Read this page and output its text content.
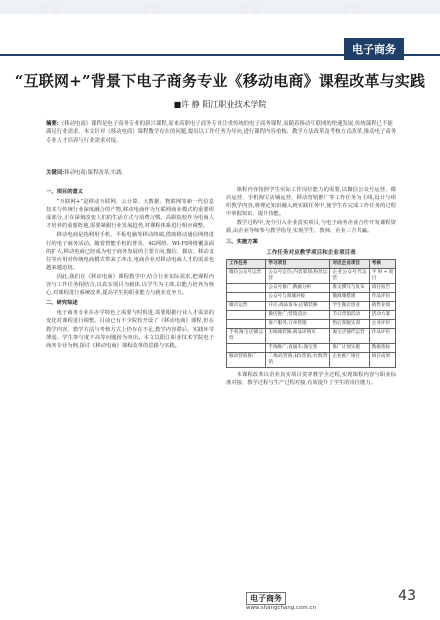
试读	试读	试读	试读
电子商务
“互联网+”背景下电子商务专业《移动电商》课程改革与实践
■许 静 阳江职业技术学院
摘要:《移动电商》课程是电子商务专业的新兴课程,原来高职电子商务专业注重传统的电子商务课程,而随着移动互联网的快速发展,传统课程已不能满足行业需求。本文针对《移动电商》课程教学存在的问题,提出以工作任务为导向,进行课程内容重构、教学方法改革及考核方式改革,推动电子商务专业人才培养与行业需求对接。
关键词:移动电商;课程改革;实践
一、项目的意义
“互联网+”是移动互联网、云计算、大数据、物联网等新一代信息技术与传统行业深度融合的产物,移动电商作为互联网商业模式的重要组成部分,正在深刻改变人们的生活方式与消费习惯。高职院校作为电商人才培养的重要阵地,需要紧跟行业发展趋势,对课程体系进行相应调整。
移动电商是指利用手机、平板电脑等移动终端,借助移动通信网络进行的电子商务活动。随着智能手机的普及、4G网络、WI-FI网络覆盖面的扩大,移动电商已经成为电子商务发展的主要方向,微信、微店、移动支付等应用对传统电商模式带来了冲击,电商企业对移动电商人才的需求也越来越迫切。
因此,我们在《移动电商》课程教学中,结合行业实际需求,把课程内容与工作任务相结合,以真实项目为载体,以学生为主体,以能力培养为核心,对课程进行系统改革,提高学生的职业能力与就业竞争力。
二、研究综述
电子商务专业在办学特色上需要与时俱进,需要根据行业人才需求的变化对课程进行调整。目前已有不少院校开设了《移动电商》课程,但在教学内容、教学方法与考核方式上仍存在不足,教学内容滞后、实践环节薄弱、学生参与度不高等问题较为突出。本文以阳江职业技术学院电子商务专业为例,探讨《移动电商》课程改革的思路与实践。
课程内容按照学生实际工作岗位能力的需要,以微信公众号运营、微店运营、手机淘宝店铺运营、移动营销推广等工作任务为主线,设计与组织教学内容,将理论知识融入到实践任务中,使学生在完成工作任务的过程中掌握知识、提升技能。
教学过程中,充分引入企业真实项目,与电子商务企业合作开发课程资源,由企业导师参与教学指导,实现学生、教师、企业三方共赢。
三、实施方案
工作任务对应教学项目和企业项目表
工作任务	学习项目	对应企业项目	考核
微信公众号运营	公众号定位;内容策划;粉丝运营	企业公众号代运营	平时+项目
	公众号推广;数据分析	推文撰写与发布	项目报告
	公众号与商城对接	微商城搭建	作品评价
微店运营	开店;商品发布;店铺装修	学生微店创业	销售业绩
	微店推广;营销活动	节日营销活动	活动方案
	客户服务;订单管理	售后客服实训	企业评价
手机淘宝店铺运营	无线端装修;商品详情页	淘宝店铺代运营	作品评价
	手淘推广;直通车;淘宝客	推广计划实施	数据指标
移动营销推广	二维码营销;H5营销;社群营销	企业推广项目	项目成果
本课程改革以企业真实项目贯穿教学全过程,实现课程内容与职业标准对接、教学过程与生产过程对接,有效提升了学生的岗位能力。
电子商务
www.shangchang.com.cn
43
